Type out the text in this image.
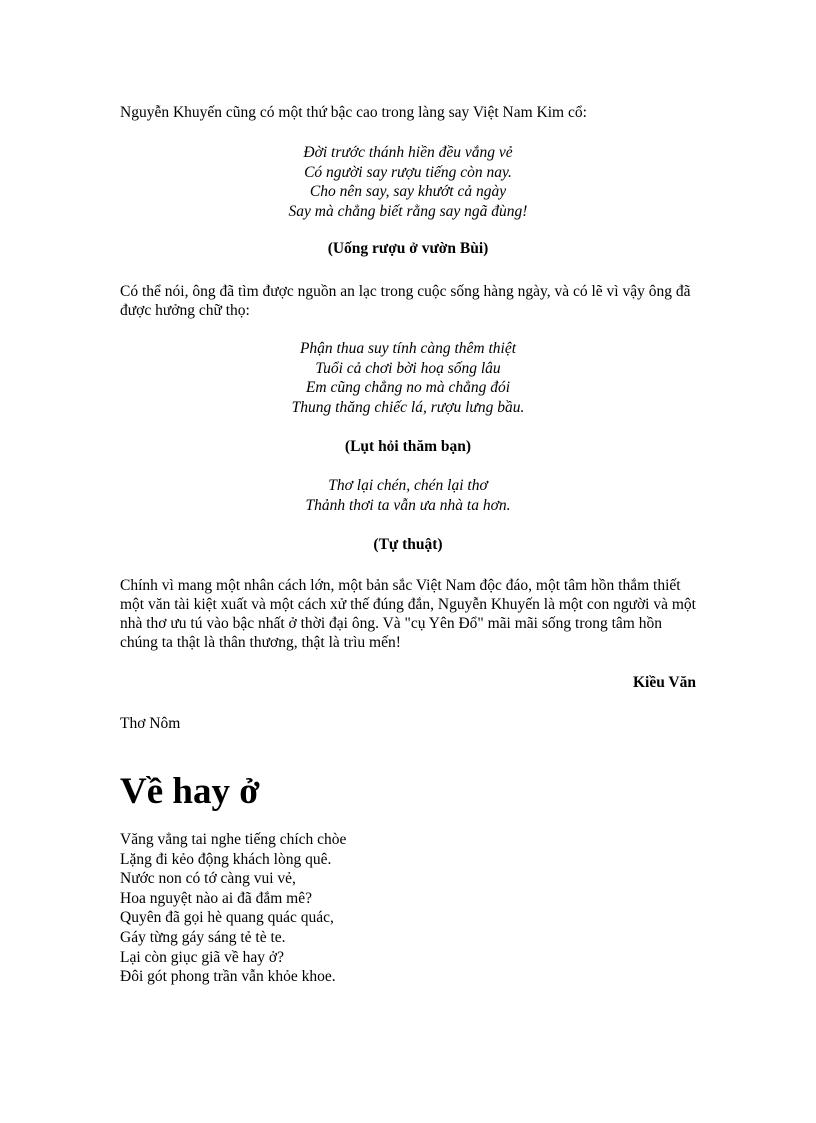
Nguyễn Khuyến cũng có một thứ bậc cao trong làng say Việt Nam Kim cổ:

Đời trước thánh hiền đều vắng vẻ
Có người say rượu tiếng còn nay.
Cho nên say, say khướt cả ngày
Say mà chẳng biết rằng say ngã đùng!

(Uống rượu ở vườn Bùi)

Có thể nói, ông đã tìm được nguồn an lạc trong cuộc sống hàng ngày, và có lẽ vì vậy ông đã được hưởng chữ thọ:

Phận thua suy tính càng thêm thiệt
Tuổi cả chơi bời hoạ sống lâu
Em cũng chẳng no mà chẳng đói
Thung thăng chiếc lá, rượu lưng bầu.

(Lụt hỏi thăm bạn)

Thơ lại chén, chén lại thơ
Thảnh thơi ta vẫn ưa nhà ta hơn.

(Tự thuật)

Chính vì mang một nhân cách lớn, một bản sắc Việt Nam độc đáo, một tâm hồn thắm thiết một văn tài kiệt xuất và một cách xử thế đúng đắn, Nguyễn Khuyến là một con người và một nhà thơ ưu tú vào bậc nhất ở thời đại ông. Và "cụ Yên Đổ" mãi mãi sống trong tâm hồn chúng ta thật là thân thương, thật là trìu mến!

Kiều Văn

Thơ Nôm

Về hay ở
Văng vẳng tai nghe tiếng chích chòe
Lặng đi kẻo động khách lòng quê.
Nước non có tớ càng vui vẻ,
Hoa nguyệt nào ai đã đắm mê?
Quyên đã gọi hè quang quác quác,
Gáy từng gáy sáng tẻ tè te.
Lại còn giục giã về hay ở?
Đôi gót phong trần vẫn khỏe khoe.
